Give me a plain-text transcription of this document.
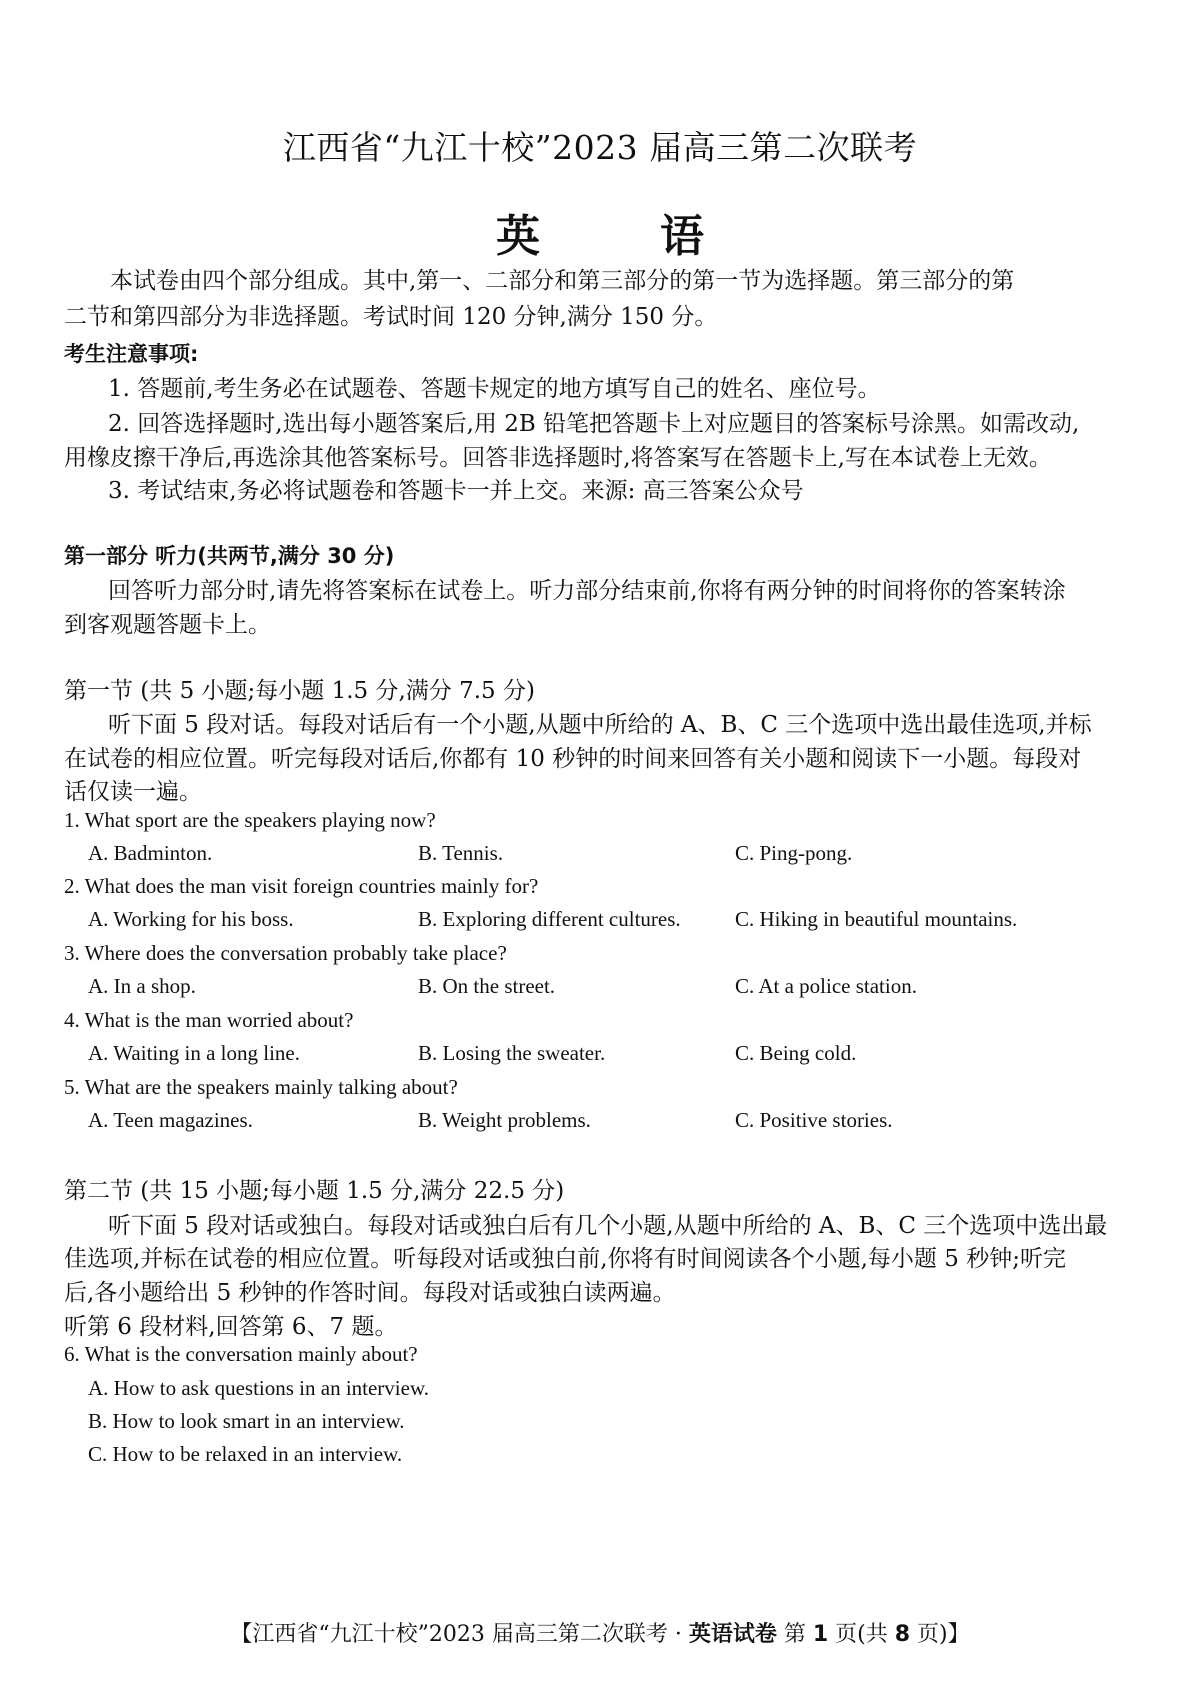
江西省“九江十校”2023 届高三第二次联考
英	语
本试卷由四个部分组成。其中,第一、二部分和第三部分的第一节为选择题。第三部分的第
二节和第四部分为非选择题。考试时间 120 分钟,满分 150 分。
考生注意事项:
1. 答题前,考生务必在试题卷、答题卡规定的地方填写自己的姓名、座位号。
2. 回答选择题时,选出每小题答案后,用 2B 铅笔把答题卡上对应题目的答案标号涂黑。如需改动,
用橡皮擦干净后,再选涂其他答案标号。回答非选择题时,将答案写在答题卡上,写在本试卷上无效。
3. 考试结束,务必将试题卷和答题卡一并上交。来源: 高三答案公众号
第一部分 听力(共两节,满分 30 分)
回答听力部分时,请先将答案标在试卷上。听力部分结束前,你将有两分钟的时间将你的答案转涂
到客观题答题卡上。
第一节 (共 5 小题;每小题 1.5 分,满分 7.5 分)
听下面 5 段对话。每段对话后有一个小题,从题中所给的 A、B、C 三个选项中选出最佳选项,并标
在试卷的相应位置。听完每段对话后,你都有 10 秒钟的时间来回答有关小题和阅读下一小题。每段对
话仅读一遍。
1. What sport are the speakers playing now?
A. Badminton.	B. Tennis.	C. Ping-pong.
2. What does the man visit foreign countries mainly for?
A. Working for his boss.	B. Exploring different cultures.	C. Hiking in beautiful mountains.
3. Where does the conversation probably take place?
A. In a shop.	B. On the street.	C. At a police station.
4. What is the man worried about?
A. Waiting in a long line.	B. Losing the sweater.	C. Being cold.
5. What are the speakers mainly talking about?
A. Teen magazines.	B. Weight problems.	C. Positive stories.
第二节 (共 15 小题;每小题 1.5 分,满分 22.5 分)
听下面 5 段对话或独白。每段对话或独白后有几个小题,从题中所给的 A、B、C 三个选项中选出最
佳选项,并标在试卷的相应位置。听每段对话或独白前,你将有时间阅读各个小题,每小题 5 秒钟;听完
后,各小题给出 5 秒钟的作答时间。每段对话或独白读两遍。
听第 6 段材料,回答第 6、7 题。
6. What is the conversation mainly about?
A. How to ask questions in an interview.
B. How to look smart in an interview.
C. How to be relaxed in an interview.
【江西省“九江十校”2023 届高三第二次联考 · 英语试卷 第 1 页(共 8 页)】
